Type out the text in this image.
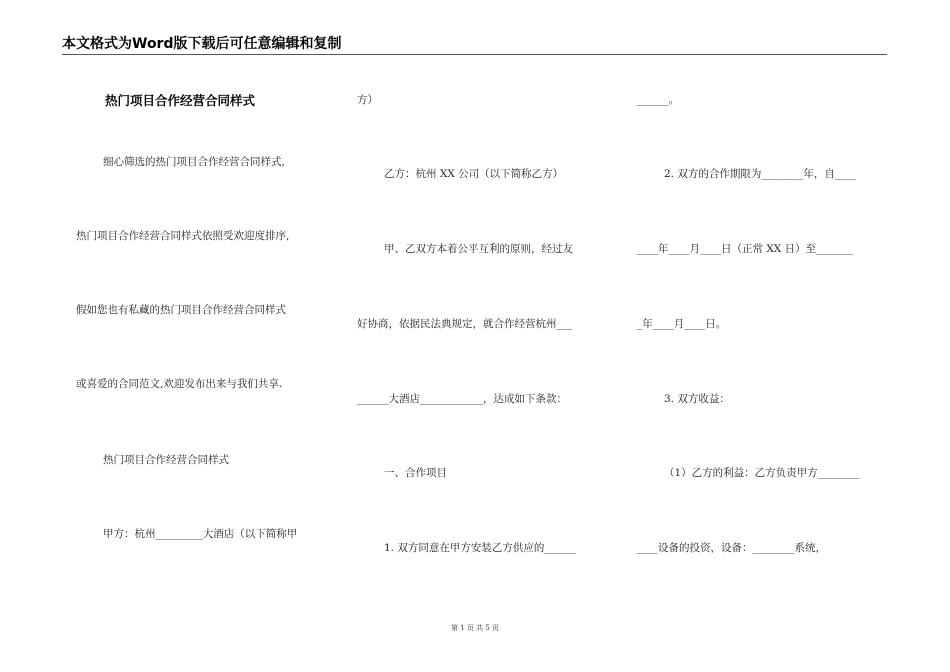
本文格式为Word版下载后可任意编辑和复制
热门项目合作经营合同样式
细心筛选的热门项目合作经营合同样式,
热门项目合作经营合同样式依照受欢迎度排序,
假如您也有私藏的热门项目合作经营合同样式
或喜爱的合同范文,欢迎发布出来与我们共享.
热门项目合作经营合同样式
甲方：杭州_________大酒店（以下简称甲
方）
乙方：杭州 XX 公司（以下简称乙方）
甲、乙双方本着公平互利的原则，经过友
好协商，依据民法典规定，就合作经营杭州___
______大酒店____________，达成如下条款：
一、合作项目
1. 双方同意在甲方安装乙方供应的______
______。
2. 双方的合作期限为________年，自____
____年____月____日（正常 XX 日）至_______
_年____月____日。
3. 双方收益：
（1）乙方的利益：乙方负责甲方________
____设备的投资，设备：________系统，
第 1 页 共 5 页
